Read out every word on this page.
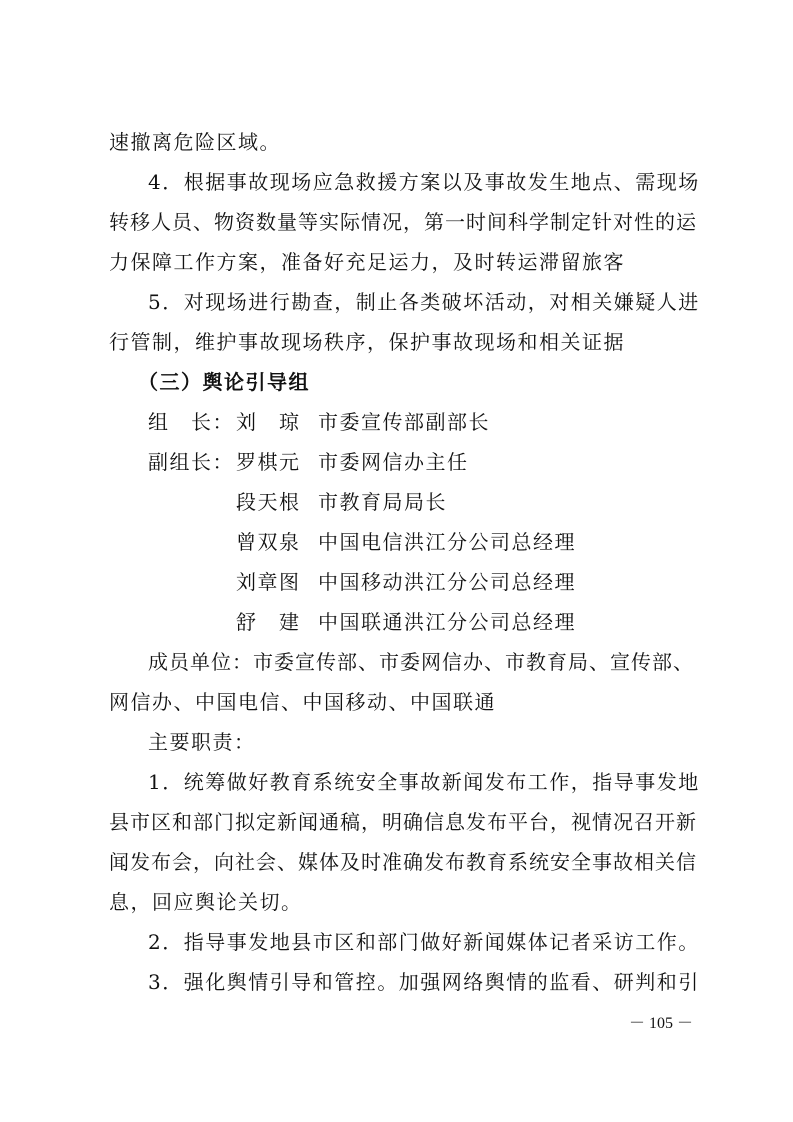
速撤离危险区域。
4．根据事故现场应急救援方案以及事故发生地点、需现场
转移人员、物资数量等实际情况，第一时间科学制定针对性的运
力保障工作方案，准备好充足运力，及时转运滞留旅客
5．对现场进行勘查，制止各类破坏活动，对相关嫌疑人进
行管制，维护事故现场秩序，保护事故现场和相关证据
（三）舆论引导组
组　长： 刘　琼 市委宣传部副部长
副组长： 罗棋元 市委网信办主任
段天根 市教育局局长
曾双泉 中国电信洪江分公司总经理
刘章图 中国移动洪江分公司总经理
舒　建 中国联通洪江分公司总经理
成员单位：市委宣传部、市委网信办、市教育局、宣传部、
网信办、中国电信、中国移动、中国联通
主要职责：
1．统筹做好教育系统安全事故新闻发布工作，指导事发地
县市区和部门拟定新闻通稿，明确信息发布平台，视情况召开新
闻发布会，向社会、媒体及时准确发布教育系统安全事故相关信
息，回应舆论关切。
2．指导事发地县市区和部门做好新闻媒体记者采访工作。
3．强化舆情引导和管控。加强网络舆情的监看、研判和引
－ 105 －
